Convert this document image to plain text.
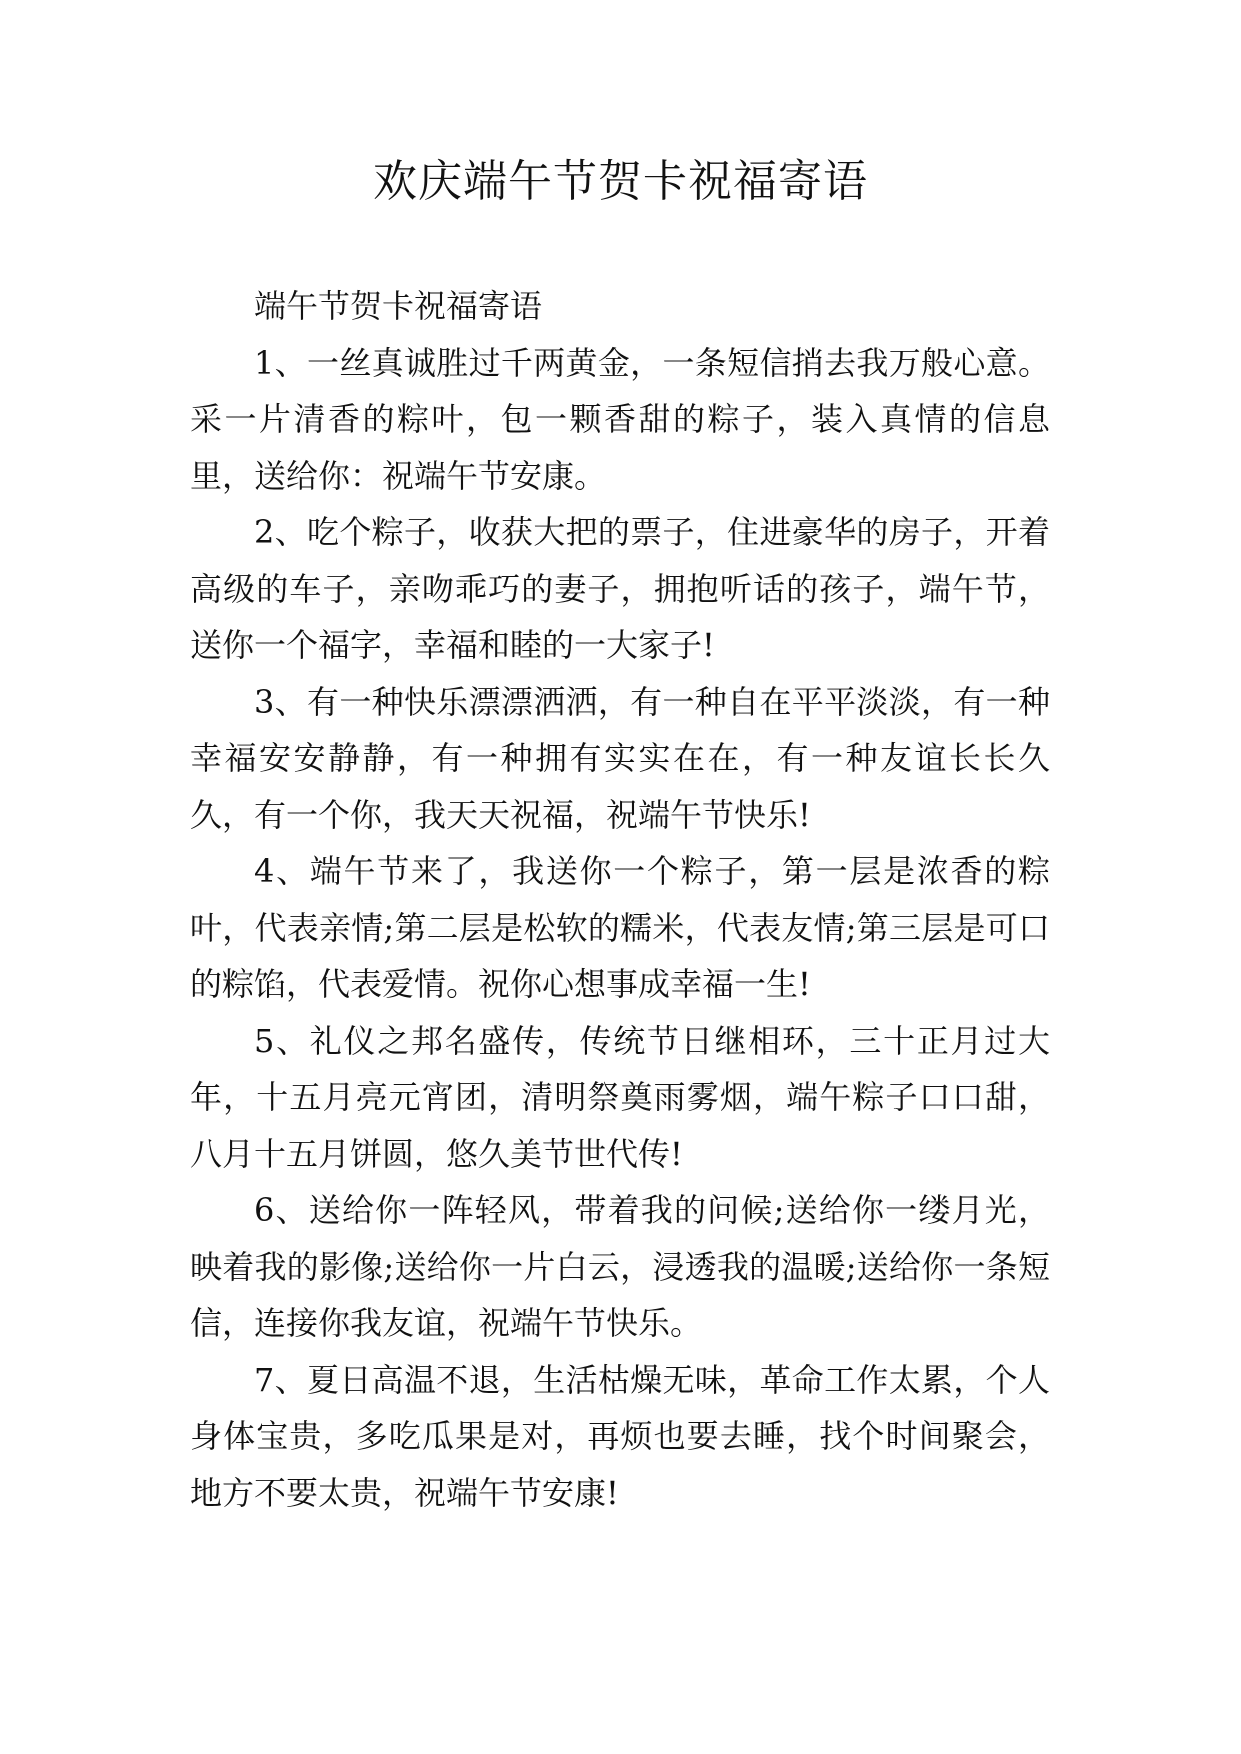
欢庆端午节贺卡祝福寄语

端午节贺卡祝福寄语

1、一丝真诚胜过千两黄金，一条短信捎去我万般心意。采一片清香的粽叶，包一颗香甜的粽子，装入真情的信息里，送给你：祝端午节安康。

2、吃个粽子，收获大把的票子，住进豪华的房子，开着高级的车子，亲吻乖巧的妻子，拥抱听话的孩子，端午节，送你一个福字，幸福和睦的一大家子!

3、有一种快乐漂漂洒洒，有一种自在平平淡淡，有一种幸福安安静静，有一种拥有实实在在，有一种友谊长长久久，有一个你，我天天祝福，祝端午节快乐!

4、端午节来了，我送你一个粽子，第一层是浓香的粽叶，代表亲情;第二层是松软的糯米，代表友情;第三层是可口的粽馅，代表爱情。祝你心想事成幸福一生!

5、礼仪之邦名盛传，传统节日继相环，三十正月过大年，十五月亮元宵团，清明祭奠雨雾烟，端午粽子口口甜，八月十五月饼圆，悠久美节世代传!

6、送给你一阵轻风，带着我的问候;送给你一缕月光，映着我的影像;送给你一片白云，浸透我的温暖;送给你一条短信，连接你我友谊，祝端午节快乐。

7、夏日高温不退，生活枯燥无味，革命工作太累，个人身体宝贵，多吃瓜果是对，再烦也要去睡，找个时间聚会，地方不要太贵，祝端午节安康!
